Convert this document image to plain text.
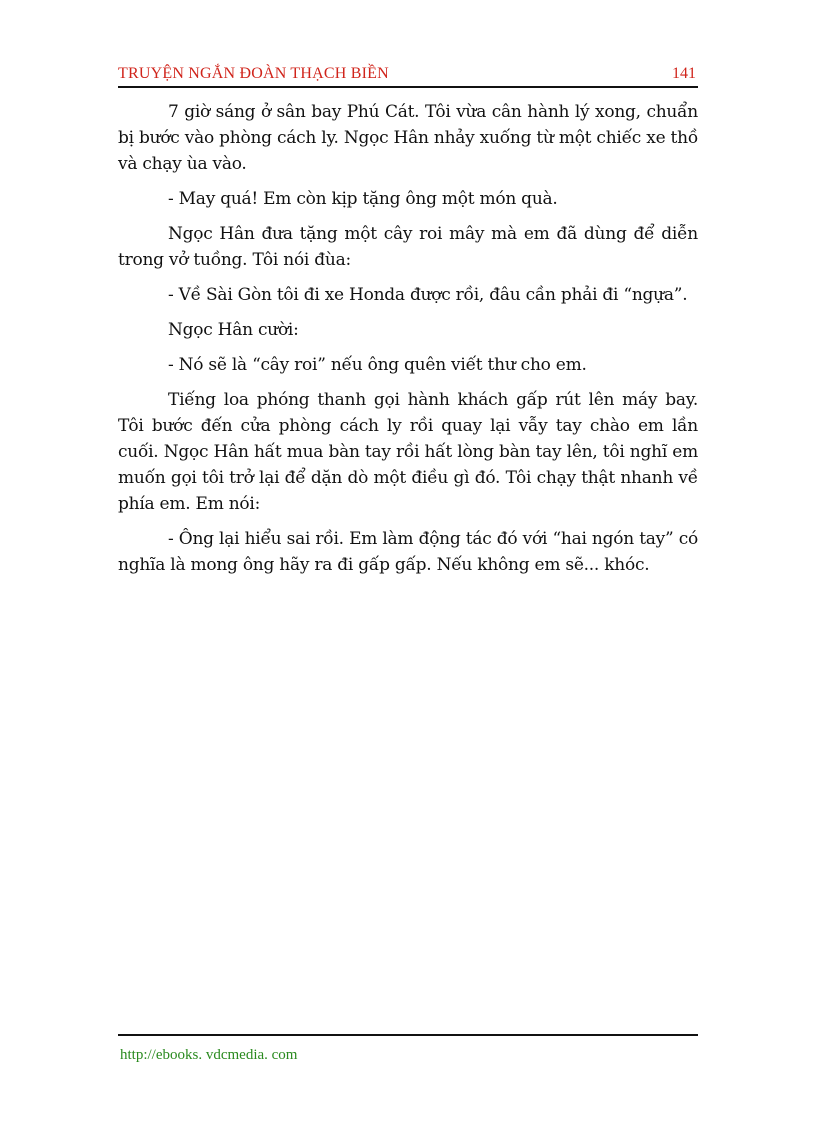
TRUYỆN NGẮN ĐOÀN THẠCH BIỀN	141

7 giờ sáng ở sân bay Phú Cát. Tôi vừa cân hành lý xong, chuẩn bị bước vào phòng cách ly. Ngọc Hân nhảy xuống từ một chiếc xe thồ và chạy ùa vào.

- May quá! Em còn kịp tặng ông một món quà.

Ngọc Hân đưa tặng một cây roi mây mà em đã dùng để diễn trong vở tuồng. Tôi nói đùa:

- Về Sài Gòn tôi đi xe Honda được rồi, đâu cần phải đi “ngựa”.

Ngọc Hân cười:

- Nó sẽ là “cây roi” nếu ông quên viết thư cho em.

Tiếng loa phóng thanh gọi hành khách gấp rút lên máy bay. Tôi bước đến cửa phòng cách ly rồi quay lại vẫy tay chào em lần cuối. Ngọc Hân hất mua bàn tay rồi hất lòng bàn tay lên, tôi nghĩ em muốn gọi tôi trở lại để dặn dò một điều gì đó. Tôi chạy thật nhanh về phía em. Em nói:

- Ông lại hiểu sai rồi. Em làm động tác đó với “hai ngón tay” có nghĩa là mong ông hãy ra đi gấp gấp. Nếu không em sẽ... khóc.

http://ebooks. vdcmedia. com
